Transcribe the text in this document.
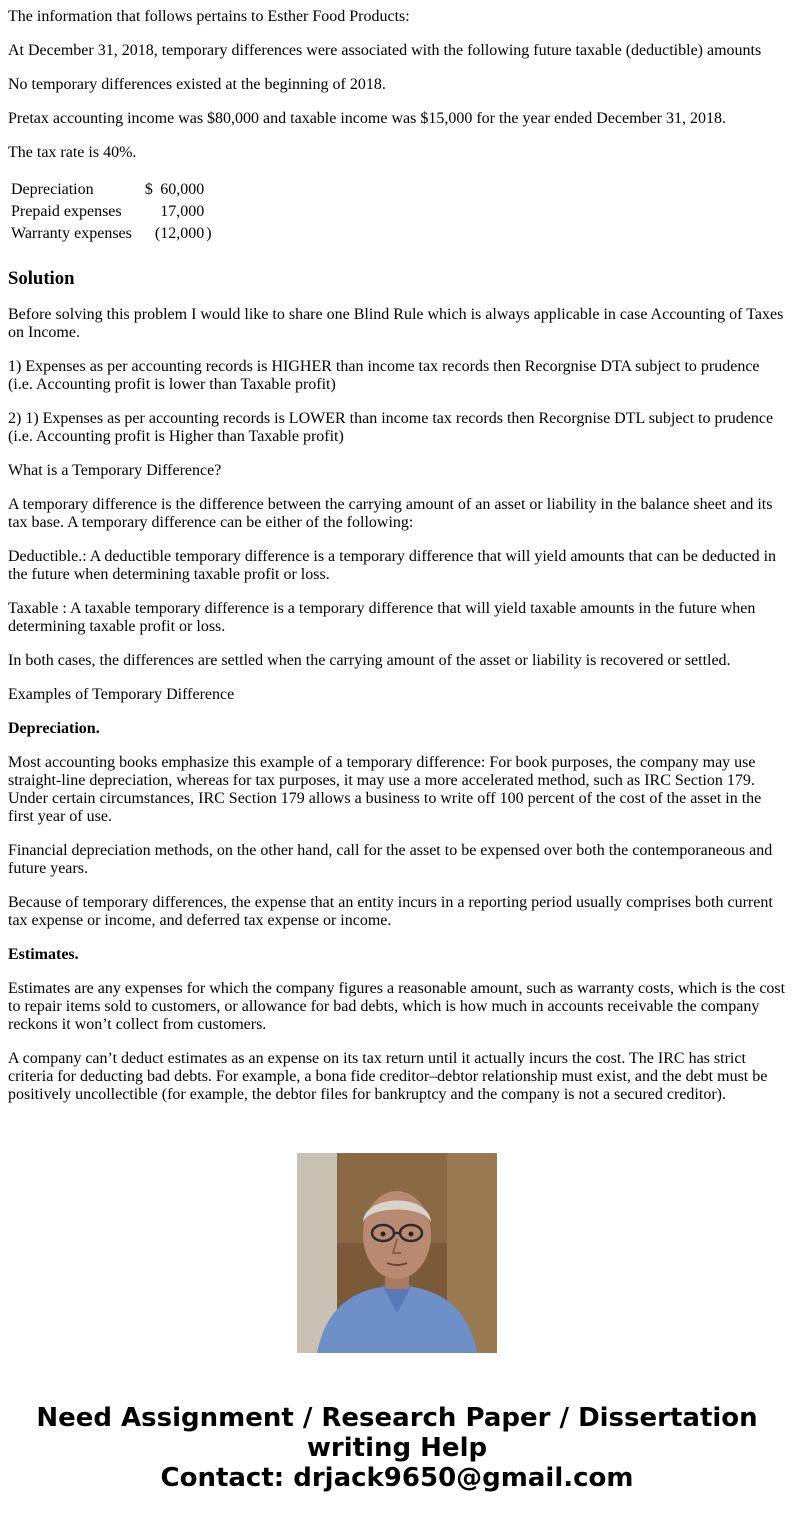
The information that follows pertains to Esther Food Products:

At December 31, 2018, temporary differences were associated with the following future taxable (deductible) amounts

No temporary differences existed at the beginning of 2018.

Pretax accounting income was $80,000 and taxable income was $15,000 for the year ended December 31, 2018.

The tax rate is 40%.

Depreciation	$	60,000	
Prepaid expenses		17,000	
Warranty expenses		(12,000	)
Solution

Before solving this problem I would like to share one Blind Rule which is always applicable in case Accounting of Taxes on Income.

1) Expenses as per accounting records is HIGHER than income tax records then Recorgnise DTA subject to prudence (i.e. Accounting profit is lower than Taxable profit)

2) 1) Expenses as per accounting records is LOWER than income tax records then Recorgnise DTL subject to prudence (i.e. Accounting profit is Higher than Taxable profit)

What is a Temporary Difference?

A temporary difference is the difference between the carrying amount of an asset or liability in the balance sheet and its tax base. A temporary difference can be either of the following:

Deductible.: A deductible temporary difference is a temporary difference that will yield amounts that can be deducted in the future when determining taxable profit or loss.

Taxable : A taxable temporary difference is a temporary difference that will yield taxable amounts in the future when determining taxable profit or loss.

In both cases, the differences are settled when the carrying amount of the asset or liability is recovered or settled.

Examples of Temporary Difference

Depreciation.

Most accounting books emphasize this example of a temporary difference: For book purposes, the company may use straight-line depreciation, whereas for tax purposes, it may use a more accelerated method, such as IRC Section 179. Under certain circumstances, IRC Section 179 allows a business to write off 100 percent of the cost of the asset in the first year of use.

Financial depreciation methods, on the other hand, call for the asset to be expensed over both the contemporaneous and future years.

Because of temporary differences, the expense that an entity incurs in a reporting period usually comprises both current tax expense or income, and deferred tax expense or income.

Estimates.

Estimates are any expenses for which the company figures a reasonable amount, such as warranty costs, which is the cost to repair items sold to customers, or allowance for bad debts, which is how much in accounts receivable the company reckons it won’t collect from customers.

A company can’t deduct estimates as an expense on its tax return until it actually incurs the cost. The IRC has strict criteria for deducting bad debts. For example, a bona fide creditor–debtor relationship must exist, and the debt must be positively uncollectible (for example, the debtor files for bankruptcy and the company is not a secured creditor).

Need Assignment / Research Paper / Dissertation
writing Help
Contact: drjack9650@gmail.com
